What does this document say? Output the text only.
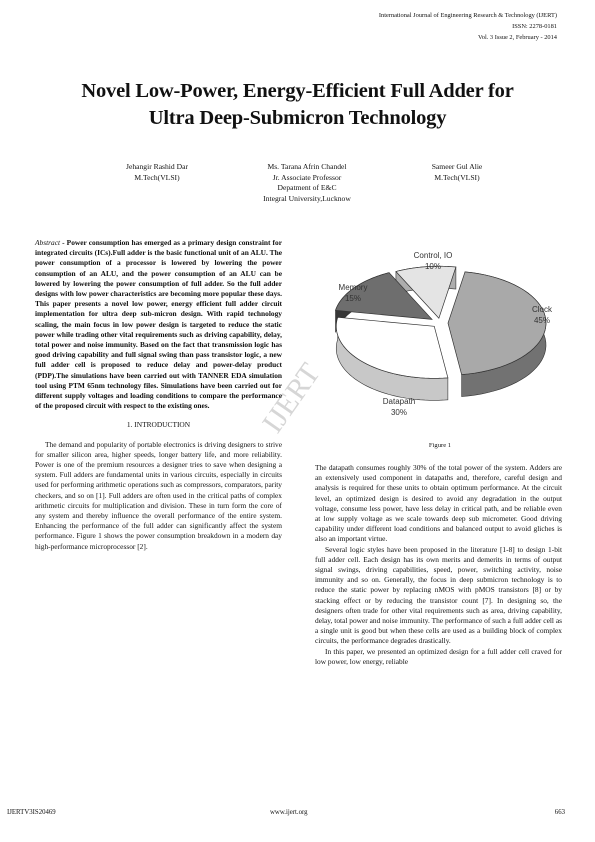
International Journal of Engineering Research & Technology (IJERT)
ISSN: 2278-0181
Vol. 3 Issue 2, February - 2014
Novel Low-Power, Energy-Efficient Full Adder for
Ultra Deep-Submicron Technology
Jehangir Rashid Dar
M.Tech(VLSI)
Ms. Tarana Afrin Chandel
Jr. Associate Professor
Depatment of E&C
Integral University,Lucknow
Sameer Gul Alie
M.Tech(VLSI)
IJERT

Abstract - Power consumption has emerged as a primary design constraint for integrated circuits (ICs).Full adder is the basic functional unit of an ALU. The power consumption of a processor is lowered by lowering the power consumption of an ALU, and the power consumption of an ALU can be lowered by lowering the power consumption of full adder. So the full adder designs with low power characteristics are becoming more popular these days. This paper presents a novel low power, energy efficient full adder circuit implementation for ultra deep sub-micron design. With rapid technology scaling, the main focus in low power design is targeted to reduce the static power while trading other vital requirements such as driving capability, delay, total power and noise immunity. Based on the fact that transmission logic has good driving capability and full signal swing than pass transistor logic, a new full adder cell is proposed to reduce delay and power-delay product (PDP).The simulations have been carried out with TANNER EDA simulation tool using PTM 65nm technology files. Simulations have been carried out for different supply voltages and loading conditions to compare the performance of the proposed circuit with respect to the existing ones.

1. INTRODUCTION

The demand and popularity of portable electronics is driving designers to strive for smaller silicon area, higher speeds, longer battery life, and more reliability. Power is one of the premium resources a designer tries to save when designing a system. Full adders are fundamental units in various circuits, especially in circuits used for performing arithmetic operations such as compressors, comparators, parity checkers, and so on [1]. Full adders are often used in the critical paths of complex arithmetic circuits for multiplication and division. These in turn form the core of any system and thereby influence the overall performance of the entire system. Enhancing the performance of the full adder can significantly affect the system performance. Figure 1 shows the power consumption breakdown in a modern day high-performance microprocessor [2].

Clock
45%
Datapath
30%
Memory
15%
Control, IO
10%
Figure 1

The datapath consumes roughly 30% of the total power of the system. Adders are an extensively used component in datapaths and, therefore, careful design and analysis is required for these units to obtain optimum performance. At the circuit level, an optimized design is desired to avoid any degradation in the output voltage, consume less power, have less delay in critical path, and be reliable even at low supply voltage as we scale towards deep sub micrometer. Good driving capability under different load conditions and balanced output to avoid gliches is also an important virtue.

Several logic styles have been proposed in the literature [1-8] to design 1-bit full adder cell. Each design has its own merits and demerits in terms of output signal swings, driving capabilities, speed, power, switching activity, noise immunity and so on. Generally, the focus in deep submicron technology is to reduce the static power by replacing nMOS with pMOS transistors [8] or by stacking effect or by reducing the transistor count [7]. In designing so, the designers often trade for other vital requirements such as area, driving capability, delay, total power and noise immunity. The performance of such a full adder cell as a single unit is good but when these cells are used as a building block of complex circuits, the performance degrades drastically.

In this paper, we presented an optimized design for a full adder cell craved for low power, low energy, reliable

IJERTV3IS20469	www.ijert.org	663
